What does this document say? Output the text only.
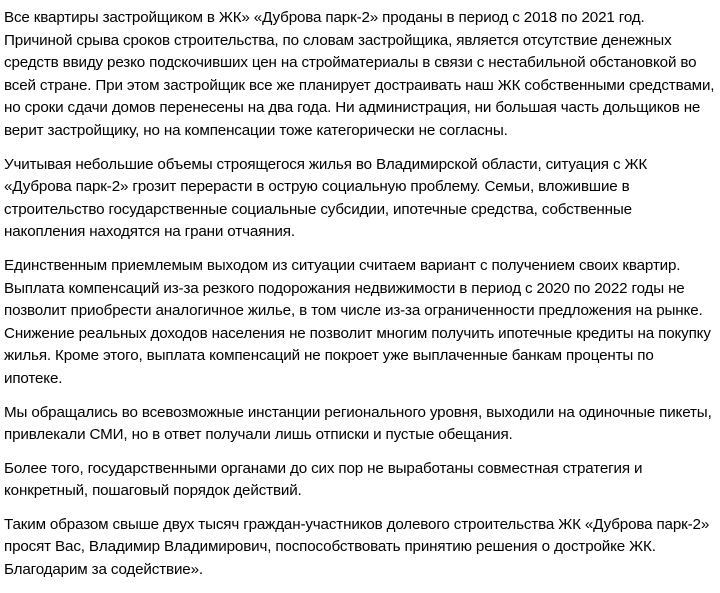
Все квартиры застройщиком в ЖК» «Дуброва парк-2» проданы в период с 2018 по 2021 год. Причиной срыва сроков строительства, по словам застройщика, является отсутствие денежных средств ввиду резко подскочивших цен на стройматериалы в связи с нестабильной обстановкой во всей стране. При этом застройщик все же планирует достраивать наш ЖК собственными средствами, но сроки сдачи домов перенесены на два года. Ни администрация, ни большая часть дольщиков не верит застройщику, но на компенсации тоже категорически не согласны.

Учитывая небольшие объемы строящегося жилья во Владимирской области, ситуация с ЖК «Дуброва парк-2» грозит перерасти в острую социальную проблему. Семьи, вложившие в строительство государственные социальные субсидии, ипотечные средства, собственные накопления находятся на грани отчаяния.

Единственным приемлемым выходом из ситуации считаем вариант с получением своих квартир. Выплата компенсаций из-за резкого подорожания недвижимости в период с 2020 по 2022 годы не позволит приобрести аналогичное жилье, в том числе из-за ограниченности предложения на рынке. Снижение реальных доходов населения не позволит многим получить ипотечные кредиты на покупку жилья. Кроме этого, выплата компенсаций не покроет уже выплаченные банкам проценты по ипотеке.

Мы обращались во всевозможные инстанции регионального уровня, выходили на одиночные пикеты, привлекали СМИ, но в ответ получали лишь отписки и пустые обещания.

Более того, государственными органами до сих пор не выработаны совместная стратегия и конкретный, пошаговый порядок действий.

Таким образом свыше двух тысяч граждан-участников долевого строительства ЖК «Дуброва парк-2» просят Вас, Владимир Владимирович, поспособствовать принятию решения о достройке ЖК. Благодарим за содействие».
